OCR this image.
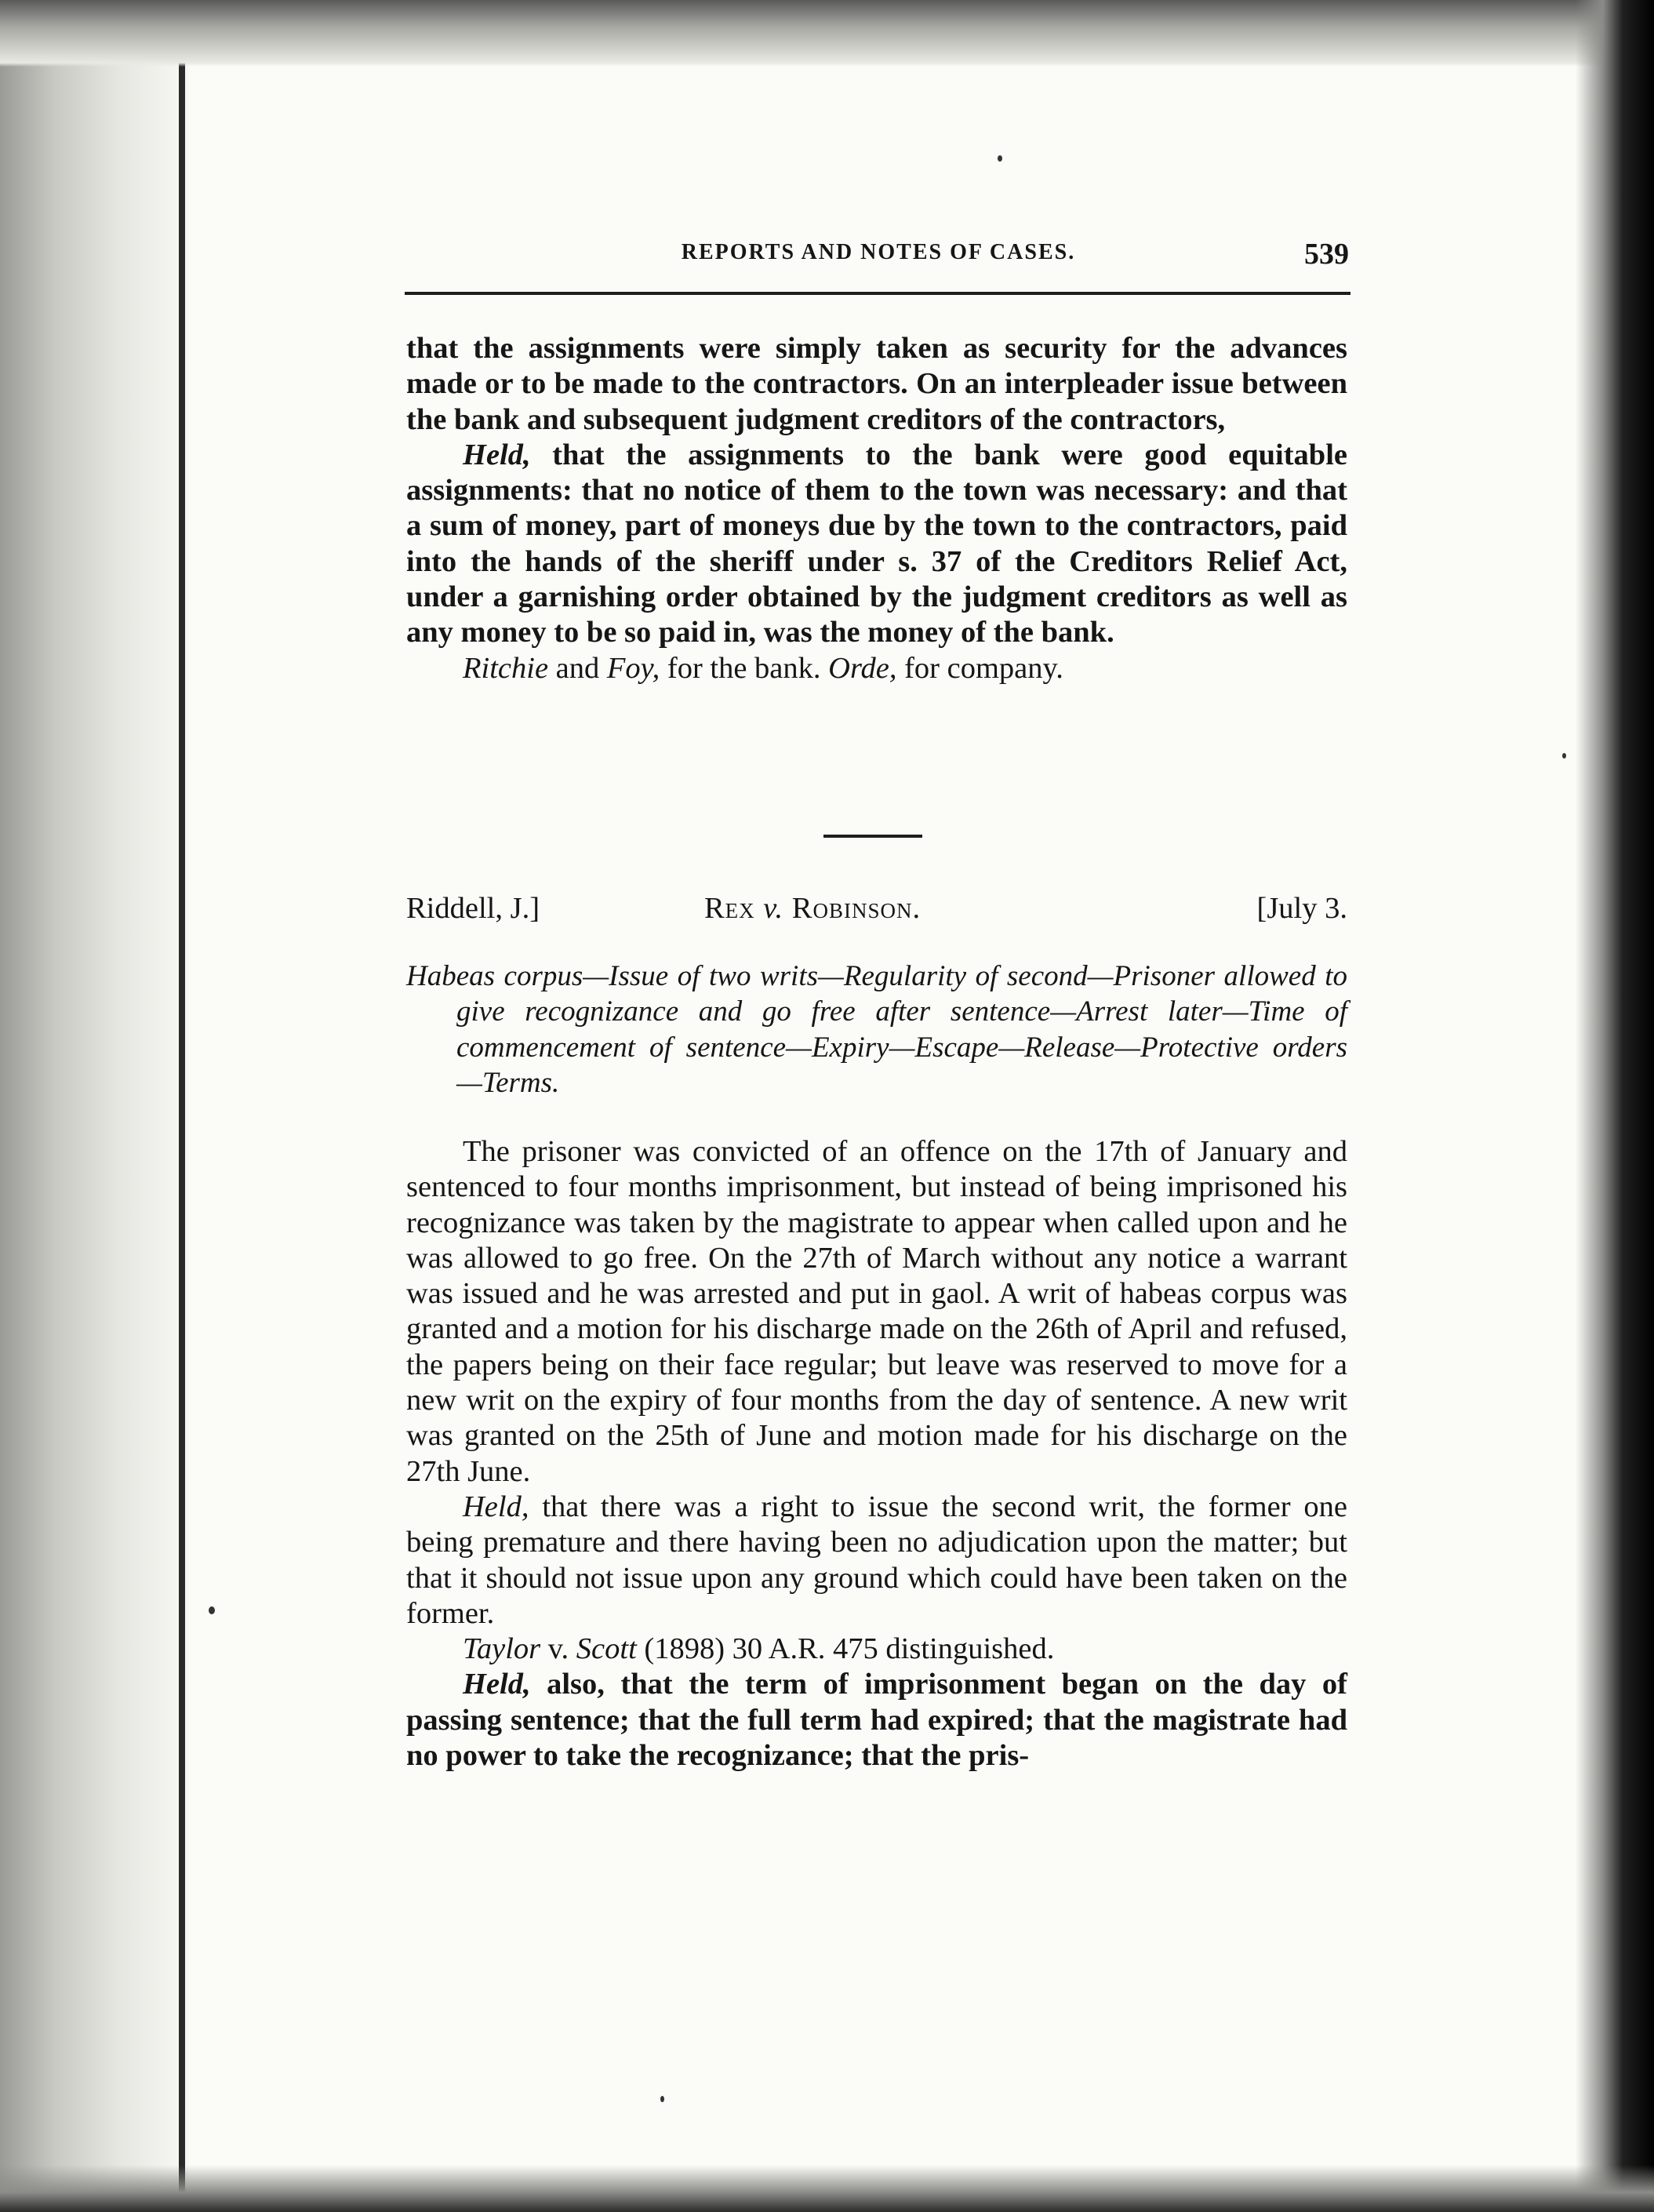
REPORTS AND NOTES OF CASES.	539

that the assignments were simply taken as security for the advances made or to be made to the contractors. On an interpleader issue between the bank and subsequent judgment creditors of the contractors,

Held, that the assignments to the bank were good equitable assignments: that no notice of them to the town was necessary: and that a sum of money, part of moneys due by the town to the contractors, paid into the hands of the sheriff under s. 37 of the Creditors Relief Act, under a garnishing order obtained by the judgment creditors as well as any money to be so paid in, was the money of the bank.

Ritchie and Foy, for the bank. Orde, for company.

Riddell, J.]	Rex v. Robinson.	[July 3.
Habeas corpus—Issue of two writs—Regularity of second—Prisoner allowed to give recognizance and go free after sentence—Arrest later—Time of commencement of sentence—Expiry—Escape—Release—Protective orders—Terms.

The prisoner was convicted of an offence on the 17th of January and sentenced to four months imprisonment, but instead of being imprisoned his recognizance was taken by the magistrate to appear when called upon and he was allowed to go free. On the 27th of March without any notice a warrant was issued and he was arrested and put in gaol. A writ of habeas corpus was granted and a motion for his discharge made on the 26th of April and refused, the papers being on their face regular; but leave was reserved to move for a new writ on the expiry of four months from the day of sentence. A new writ was granted on the 25th of June and motion made for his discharge on the 27th June.

Held, that there was a right to issue the second writ, the former one being premature and there having been no adjudication upon the matter; but that it should not issue upon any ground which could have been taken on the former.

Taylor v. Scott (1898) 30 A.R. 475 distinguished.

Held, also, that the term of imprisonment began on the day of passing sentence; that the full term had expired; that the magistrate had no power to take the recognizance; that the pris-
